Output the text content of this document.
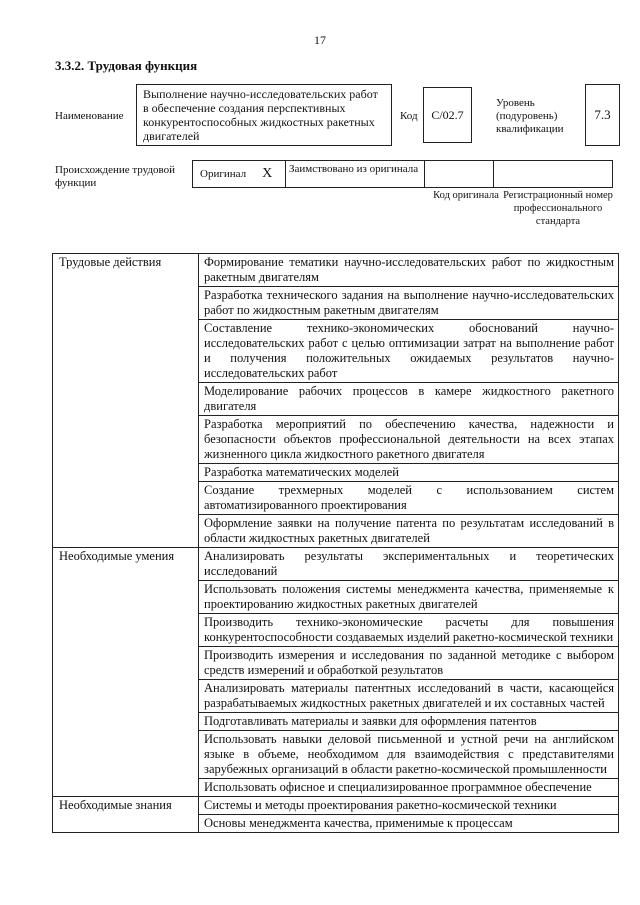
17
3.3.2. Трудовая функция
Наименование
Выполнение научно-исследовательских работ в обеспечение создания перспективных конкурентоспособных жидкостных ракетных двигателей
Код	С/02.7
Уровень (подуровень) квалификации
7.3
Происхождение трудовой функции
Оригинал X	Заимствовано из оригинала
Код оригинала Регистрационный номер профессионального стандарта
Трудовые действия	Формирование тематики научно-исследовательских работ по жидкостным ракетным двигателям
	Разработка технического задания на выполнение научно-исследовательских работ по жидкостным ракетным двигателям
	Составление технико-экономических обоснований научно-исследовательских работ с целью оптимизации затрат на выполнение работ и получения положительных ожидаемых результатов научно-исследовательских работ
	Моделирование рабочих процессов в камере жидкостного ракетного двигателя
	Разработка мероприятий по обеспечению качества, надежности и безопасности объектов профессиональной деятельности на всех этапах жизненного цикла жидкостного ракетного двигателя
	Разработка математических моделей
	Создание трехмерных моделей с использованием систем автоматизированного проектирования
	Оформление заявки на получение патента по результатам исследований в области жидкостных ракетных двигателей
Необходимые умения	Анализировать результаты экспериментальных и теоретических исследований
	Использовать положения системы менеджмента качества, применяемые к проектированию жидкостных ракетных двигателей
	Производить технико-экономические расчеты для повышения конкурентоспособности создаваемых изделий ракетно-космической техники
	Производить измерения и исследования по заданной методике с выбором средств измерений и обработкой результатов
	Анализировать материалы патентных исследований в части, касающейся разрабатываемых жидкостных ракетных двигателей и их составных частей
	Подготавливать материалы и заявки для оформления патентов
	Использовать навыки деловой письменной и устной речи на английском языке в объеме, необходимом для взаимодействия с представителями зарубежных организаций в области ракетно-космической промышленности
	Использовать офисное и специализированное программное обеспечение
Необходимые знания	Системы и методы проектирования ракетно-космической техники
	Основы менеджмента качества, применимые к процессам
